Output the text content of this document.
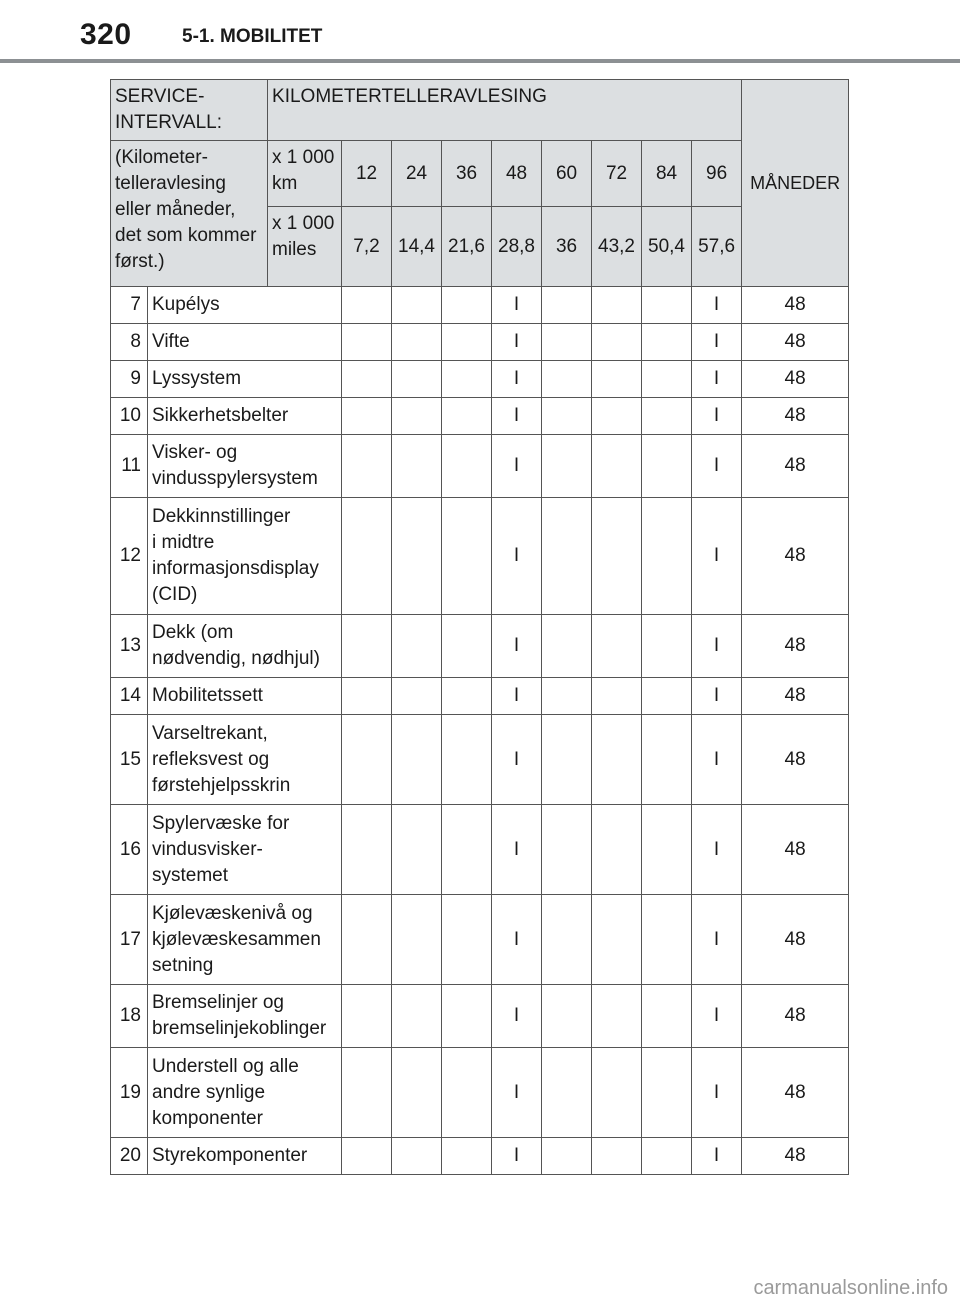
320	5-1. MOBILITET
SERVICE-
INTERVALL:		KILOMETERTELLERAVLESING									MÅNEDER
(Kilometer-
telleravlesing
eller måneder,
det som kommer
først.)		x 1 000
km	12	24	36	48	60	72	84	96	
		x 1 000
miles	7,2	14,4	21,6	28,8	36	43,2	50,4	57,6	
7	Kupélys					I				I	48
8	Vifte					I				I	48
9	Lyssystem					I				I	48
10	Sikkerhetsbelter					I				I	48
11	Visker- og
vindusspylersystem					I				I	48
12	Dekkinnstillinger
i midtre
informasjonsdisplay
(CID)					I				I	48
13	Dekk (om
nødvendig, nødhjul)					I				I	48
14	Mobilitetssett					I				I	48
15	Varseltrekant,
refleksvest og
førstehjelpsskrin					I				I	48
16	Spylervæske for
vindusvisker-
systemet					I				I	48
17	Kjølevæskenivå og
kjølevæskesammen
setning					I				I	48
18	Bremselinjer og
bremselinjekoblinger					I				I	48
19	Understell og alle
andre synlige
komponenter					I				I	48
20	Styrekomponenter					I				I	48
carmanualsonline.info
